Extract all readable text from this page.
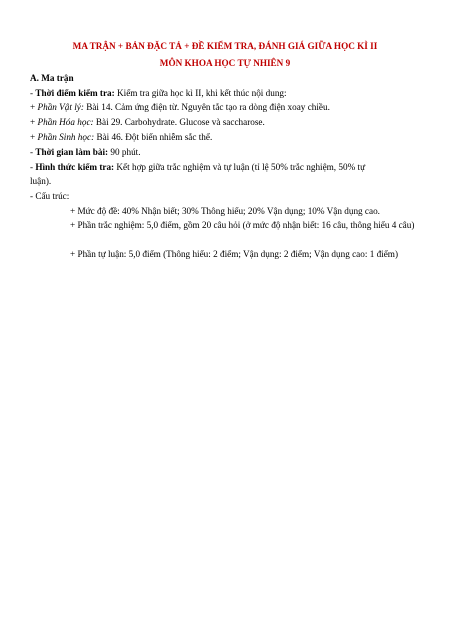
MA TRẬN + BẢN ĐẶC TẢ + ĐỀ KIỂM TRA, ĐÁNH GIÁ GIỮA HỌC KÌ II
MÔN KHOA HỌC TỰ NHIÊN 9
A. Ma trận
- Thời điểm kiểm tra: Kiểm tra giữa học kì II, khi kết thúc nội dung:
+ Phần Vật lý: Bài 14. Cảm ứng điện từ. Nguyên tắc tạo ra dòng điện xoay chiều.
+ Phần Hóa học: Bài 29. Carbohydrate. Glucose và saccharose.
+ Phần Sinh học: Bài 46. Đột biến nhiễm sắc thể.
- Thời gian làm bài: 90 phút.
- Hình thức kiểm tra: Kết hợp giữa trắc nghiệm và tự luận (tỉ lệ 50% trắc nghiệm, 50% tự
luận).
- Cấu trúc:
+ Mức độ đề: 40% Nhận biết; 30% Thông hiểu; 20% Vận dụng; 10% Vận dụng cao.
+ Phần trắc nghiệm: 5,0 điểm, gồm 20 câu hỏi (ở mức độ nhận biết: 16 câu, thông hiểu 4 câu)
+ Phần tự luận: 5,0 điểm (Thông hiểu: 2 điểm; Vận dụng: 2 điểm; Vận dụng cao: 1 điểm)
